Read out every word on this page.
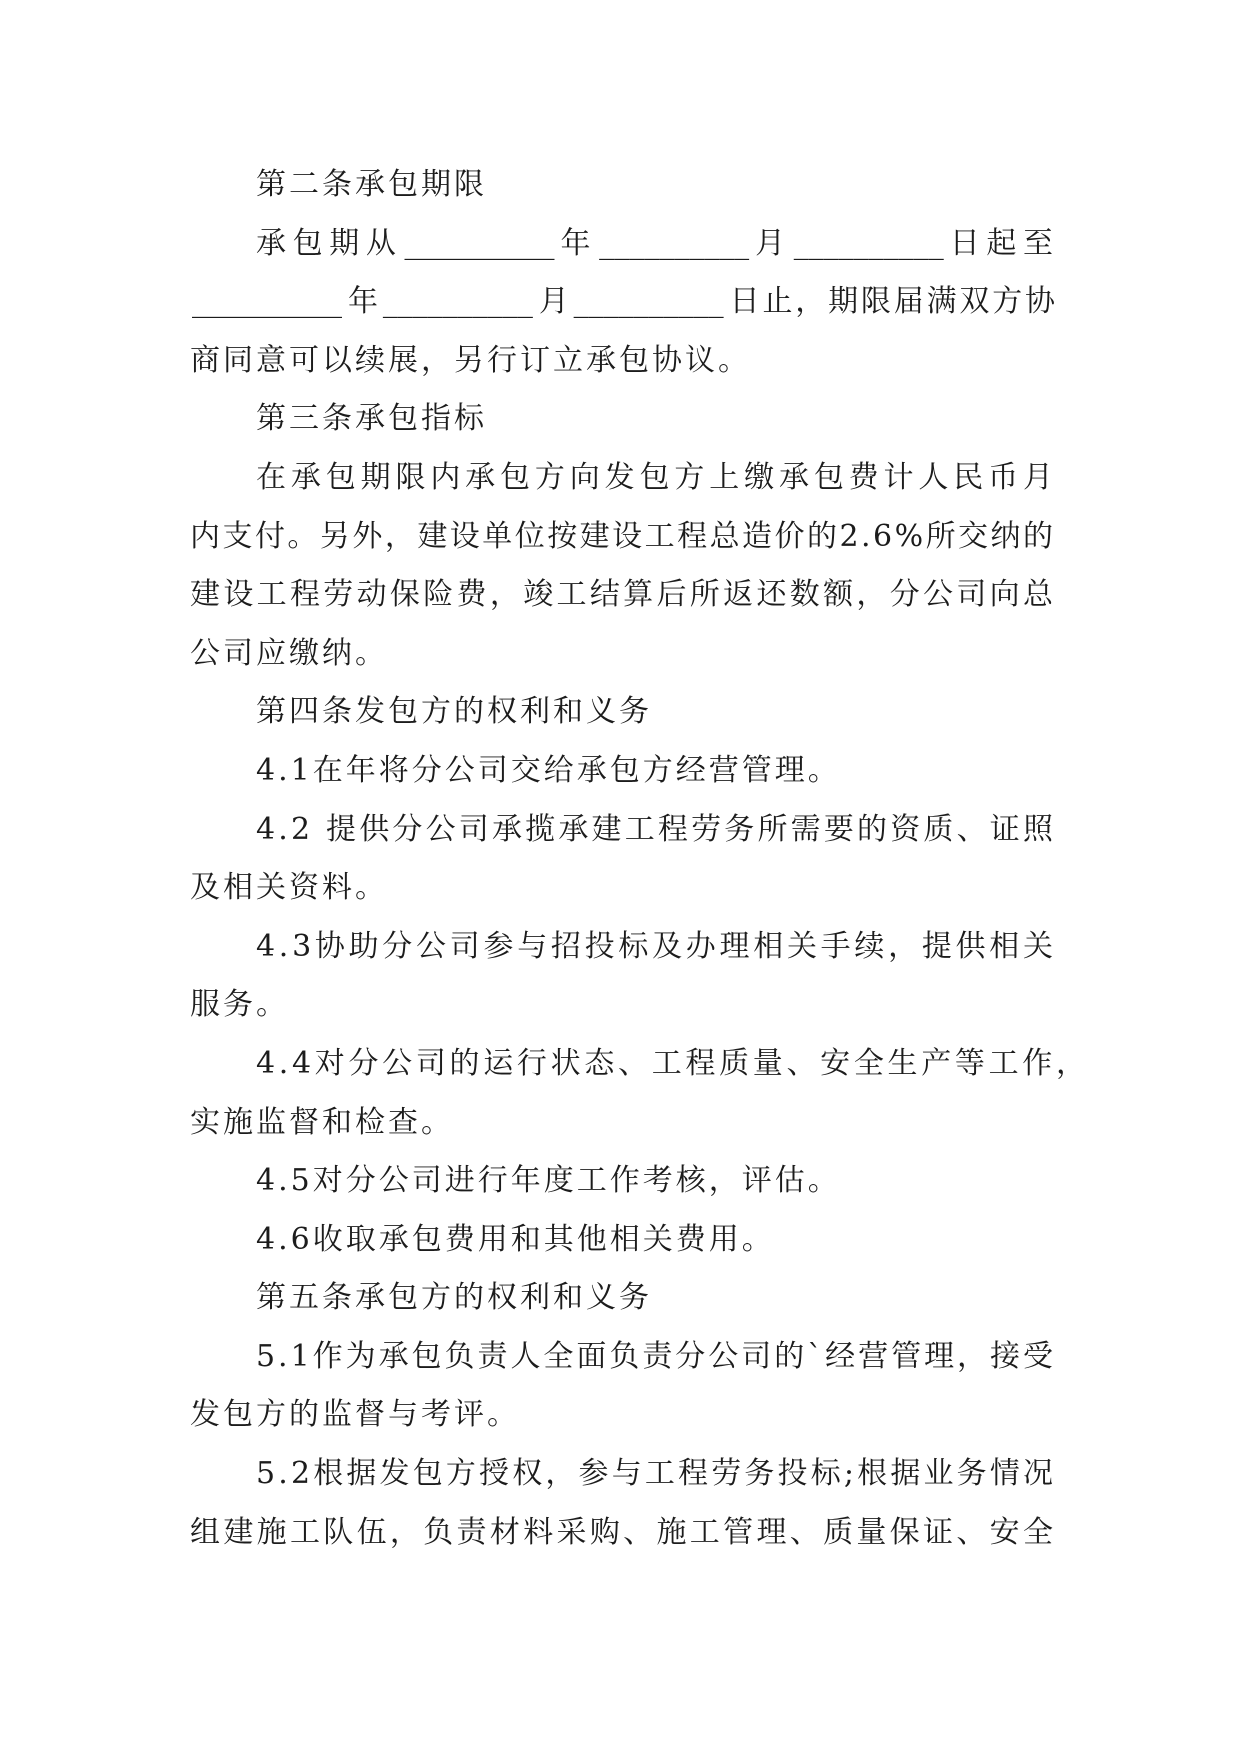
第二条承包期限
承包期从__________ 年__________ 月__________ 日起至
__________ 年__________ 月__________ 日止，期限届满双方协
商同意可以续展，另行订立承包协议。
第三条承包指标
在承包期限内承包方向发包方上缴承包费计人民币月
内支付。另外，建设单位按建设工程总造价的2.6%所交纳的
建设工程劳动保险费，竣工结算后所返还数额，分公司向总
公司应缴纳。
第四条发包方的权利和义务
4.1在年将分公司交给承包方经营管理。
4.2 提供分公司承揽承建工程劳务所需要的资质、证照
及相关资料。
4.3协助分公司参与招投标及办理相关手续，提供相关
服务。
4.4对分公司的运行状态、工程质量、安全生产等工作，
实施监督和检查。
4.5对分公司进行年度工作考核，评估。
4.6收取承包费用和其他相关费用。
第五条承包方的权利和义务
5.1作为承包负责人全面负责分公司的`经营管理，接受
发包方的监督与考评。
5.2根据发包方授权，参与工程劳务投标;根据业务情况
组建施工队伍，负责材料采购、施工管理、质量保证、安全
